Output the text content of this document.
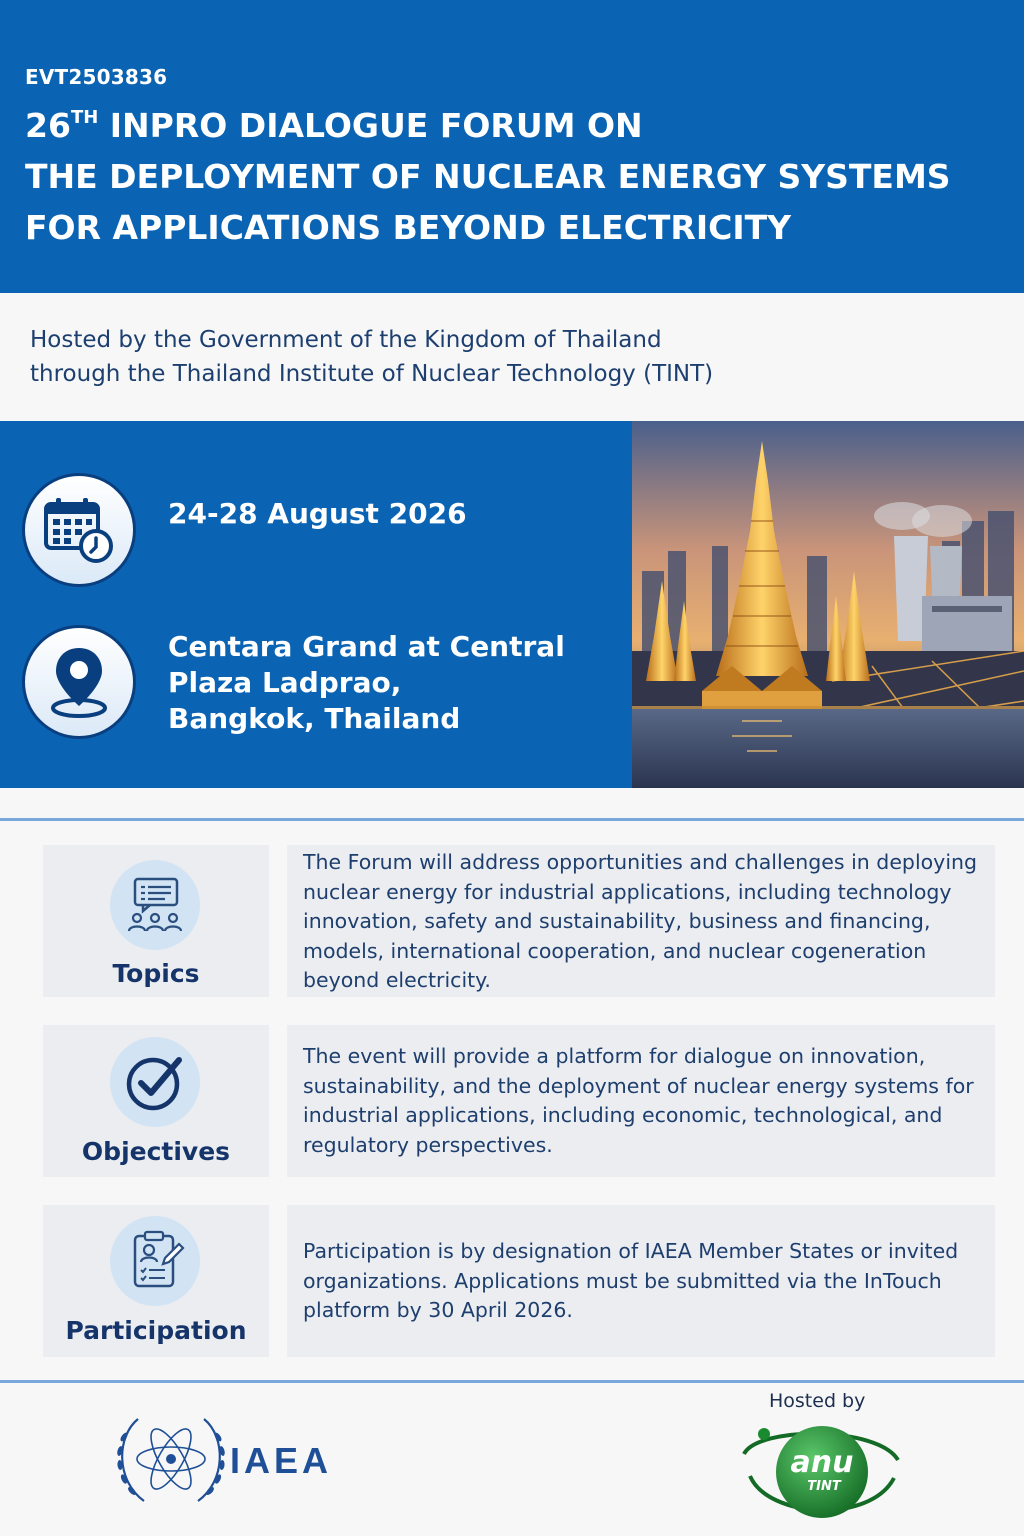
EVT2503836
26TH INPRO DIALOGUE FORUM ON
THE DEPLOYMENT OF NUCLEAR ENERGY SYSTEMS
FOR APPLICATIONS BEYOND ELECTRICITY
Hosted by the Government of the Kingdom of Thailand
through the Thailand Institute of Nuclear Technology (TINT)
24-28 August 2026
Centara Grand at Central
Plaza Ladprao,
Bangkok, Thailand
Topics
The Forum will address opportunities and challenges in deploying nuclear energy for industrial applications, including technology innovation, safety and sustainability, business and financing, models, international cooperation, and nuclear cogeneration beyond electricity.
Objectives
The event will provide a platform for dialogue on innovation, sustainability, and the deployment of nuclear energy systems for industrial applications, including economic, technological, and regulatory perspectives.
Participation
Participation is by designation of IAEA Member States or invited organizations. Applications must be submitted via the InTouch platform by 30 April 2026.
IAEA
Hosted by
anu
TINT
